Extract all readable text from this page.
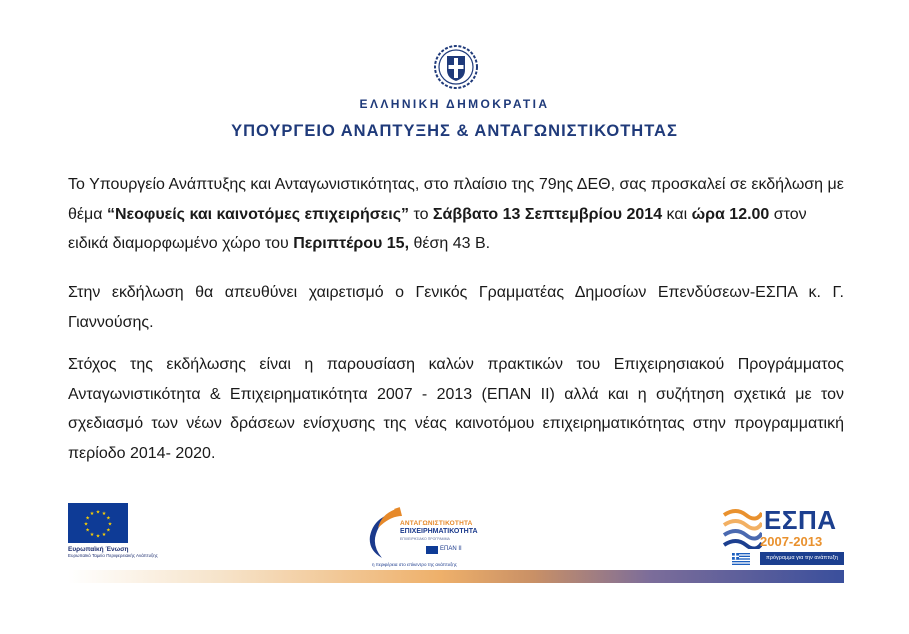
ΕΛΛΗΝΙΚΗ ΔΗΜΟΚΡΑΤΙΑ
ΥΠΟΥΡΓΕΙΟ ΑΝΑΠΤΥΞΗΣ & ΑΝΤΑΓΩΝΙΣΤΙΚΟΤΗΤΑΣ
Το Υπουργείο Ανάπτυξης και Ανταγωνιστικότητας, στο πλαίσιο της 79ης ΔΕΘ, σας προσκαλεί σε εκδήλωση με θέμα “Νεοφυείς και καινοτόμες επιχειρήσεις” το Σάββατο 13 Σεπτεμβρίου 2014 και ώρα 12.00 στον ειδικά διαμορφωμένο χώρο του Περιπτέρου 15, θέση 43 Β.
Στην εκδήλωση θα απευθύνει χαιρετισμό ο Γενικός Γραμματέας Δημοσίων Επενδύσεων-ΕΣΠΑ κ. Γ. Γιαννούσης.
Στόχος της εκδήλωσης είναι η παρουσίαση καλών πρακτικών του Επιχειρησιακού Προγράμματος Ανταγωνιστικότητα & Επιχειρηματικότητα 2007 - 2013 (ΕΠΑΝ ΙΙ) αλλά και η συζήτηση σχετικά με τον σχεδιασμό των νέων δράσεων ενίσχυσης της νέας καινοτόμου επιχειρηματικότητας στην προγραμματική περίοδο 2014- 2020.
★ ★
★
★
★
★
★
★
★
★
★
★
Ευρωπαϊκή Ένωση
Ευρωπαϊκό Ταμείο Περιφερειακής Ανάπτυξης
ΑΝΤΑΓΩΝΙΣΤΙΚΟΤΗΤΑ
ΕΠΙΧΕΙΡΗΜΑΤΙΚΟΤΗΤΑ
ΕΠΙΧΕΙΡΗΣΙΑΚΟ ΠΡΟΓΡΑΜΜΑ
ΕΠΑΝ ΙΙ
η περιφέρεια στο επίκεντρο της ανάπτυξης
ΕΣΠΑ
2007-2013
πρόγραμμα για την ανάπτυξη
